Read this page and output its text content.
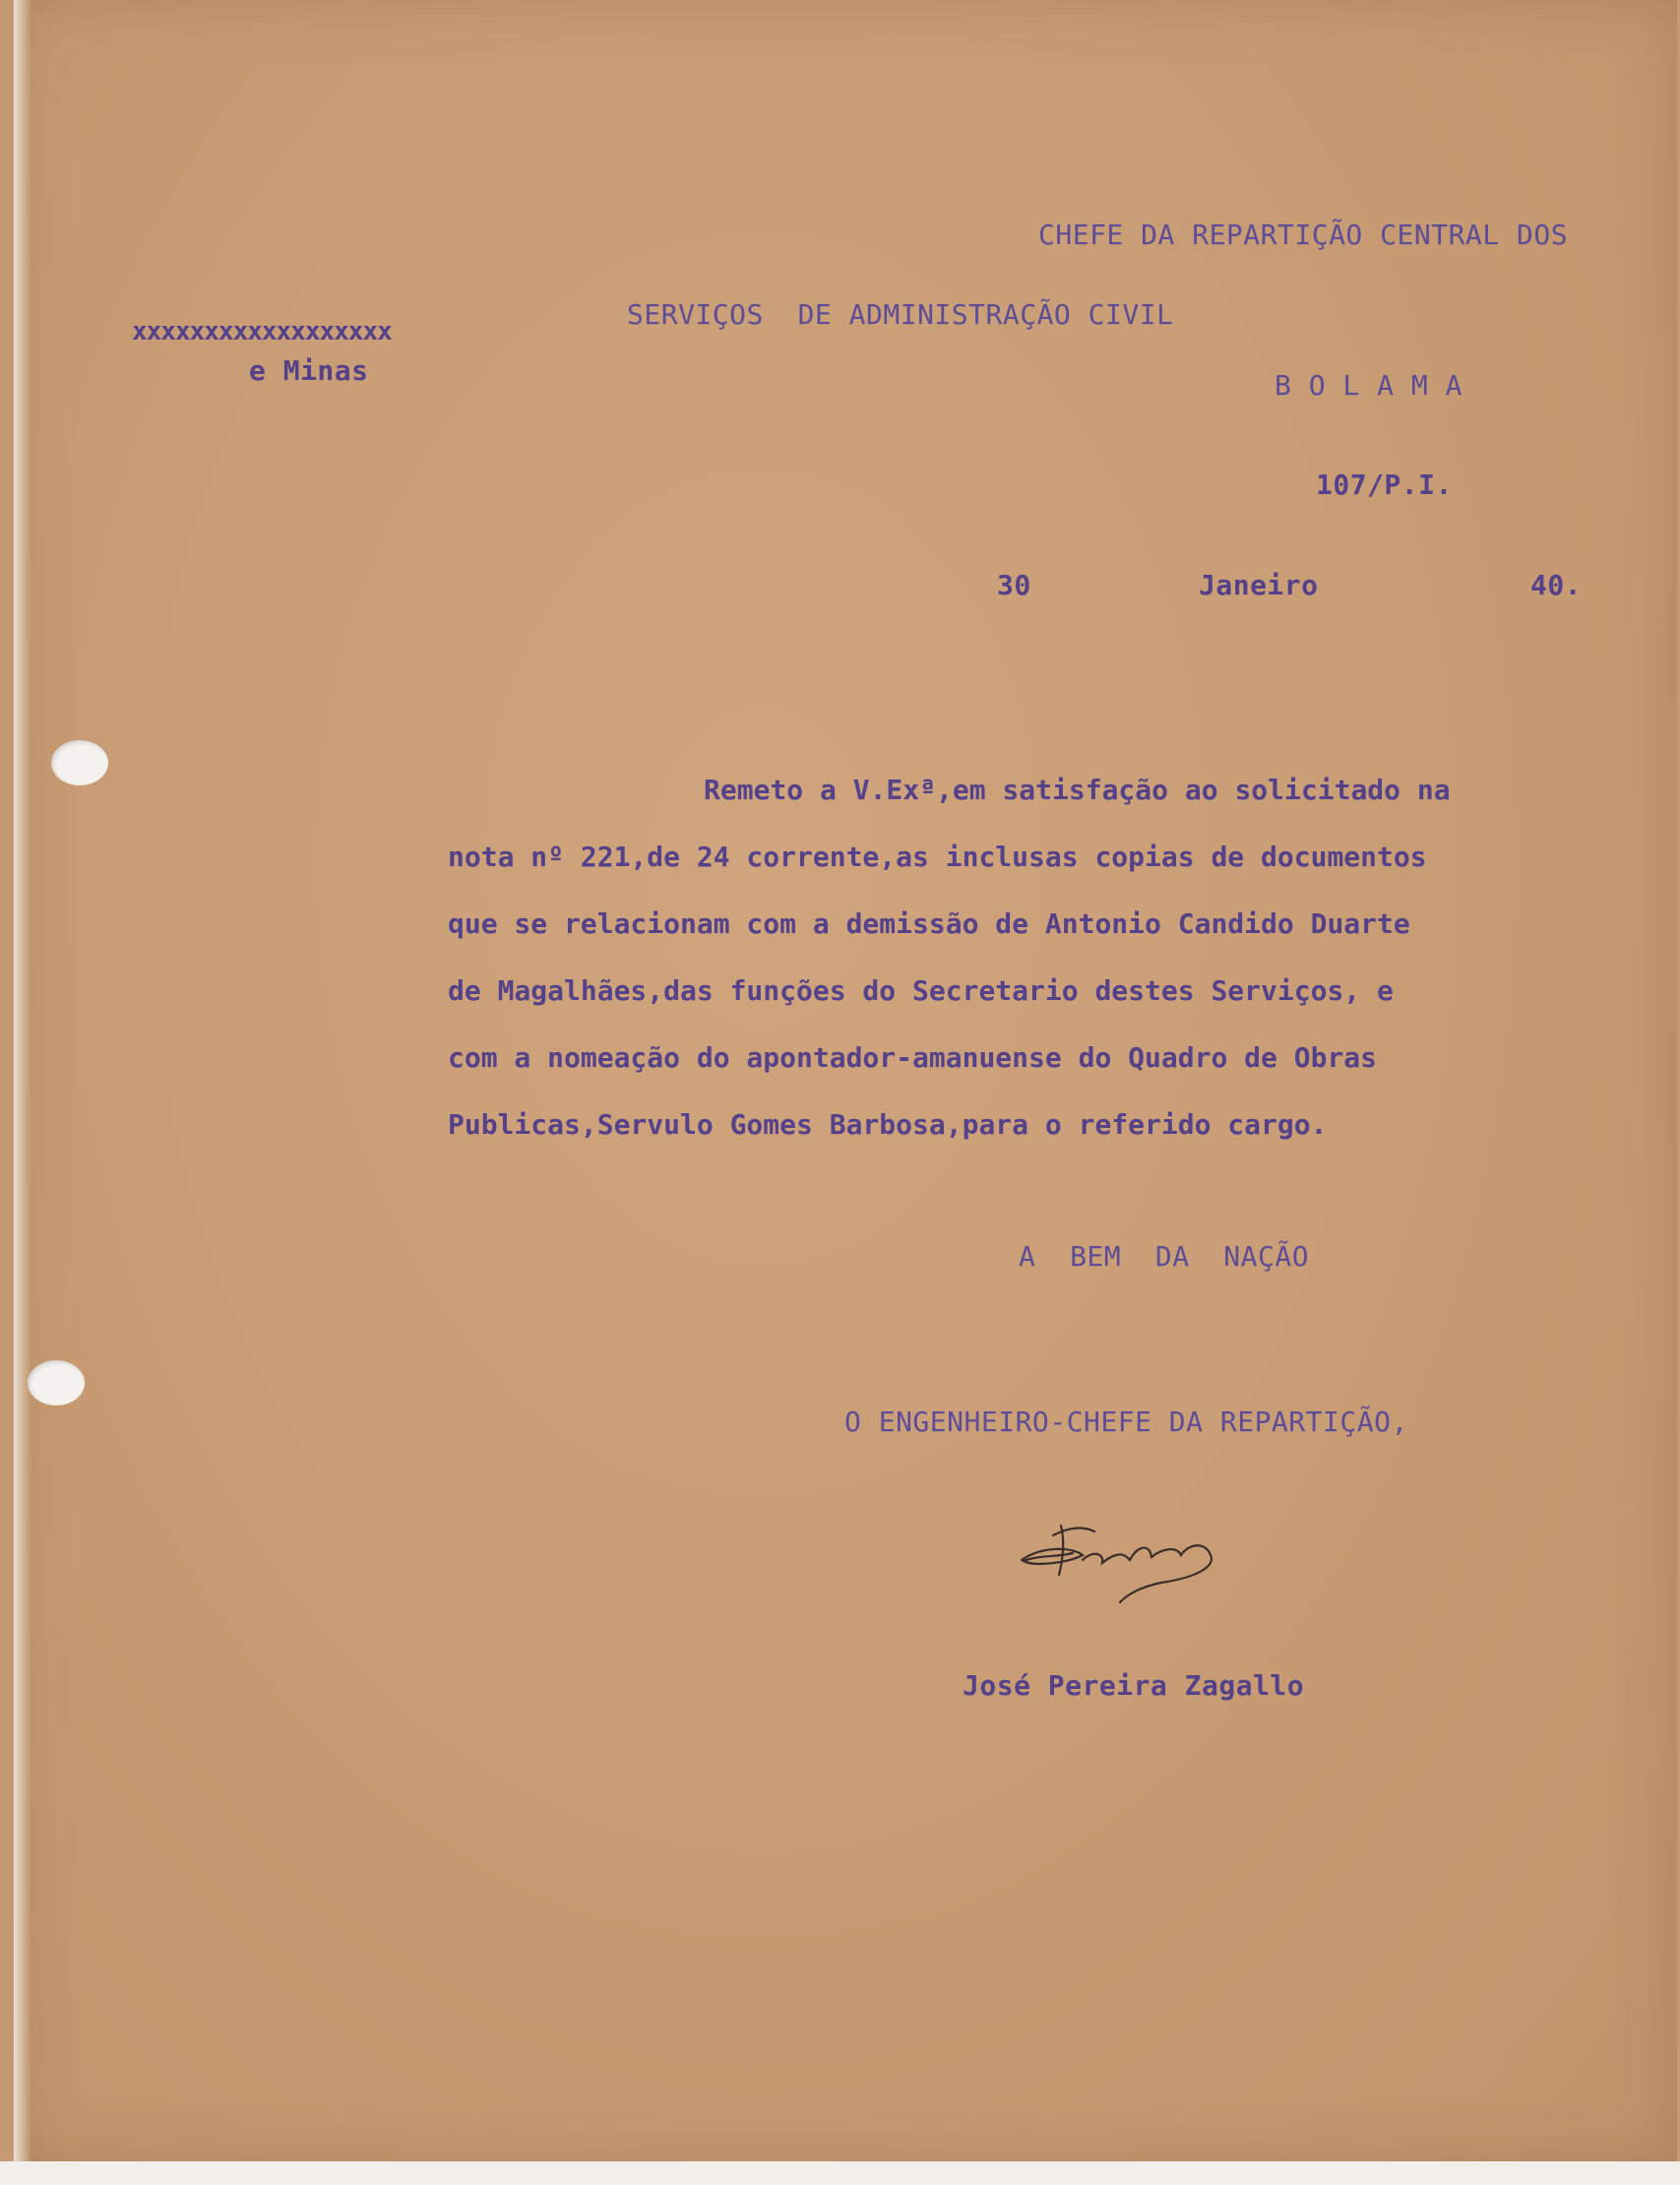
CHEFE DA REPARTIÇÃO CENTRAL DOS
SERVIÇOS  DE ADMINISTRAÇÃO CIVIL
B O L A M A
107/P.I.
30	Janeiro	40.
xxxxxxxxxxxxxxxxxx
e Minas
Remeto a V.Exª,em satisfação ao solicitado na
nota nº 221,de 24 corrente,as inclusas copias de documentos
que se relacionam com a demissão de Antonio Candido Duarte
de Magalhães,das funções do Secretario destes Serviços, e
com a nomeação do apontador-amanuense do Quadro de Obras
Publicas,Servulo Gomes Barbosa,para o referido cargo.
A  BEM  DA  NAÇÃO
O ENGENHEIRO-CHEFE DA REPARTIÇÃO,
José Pereira Zagallo
